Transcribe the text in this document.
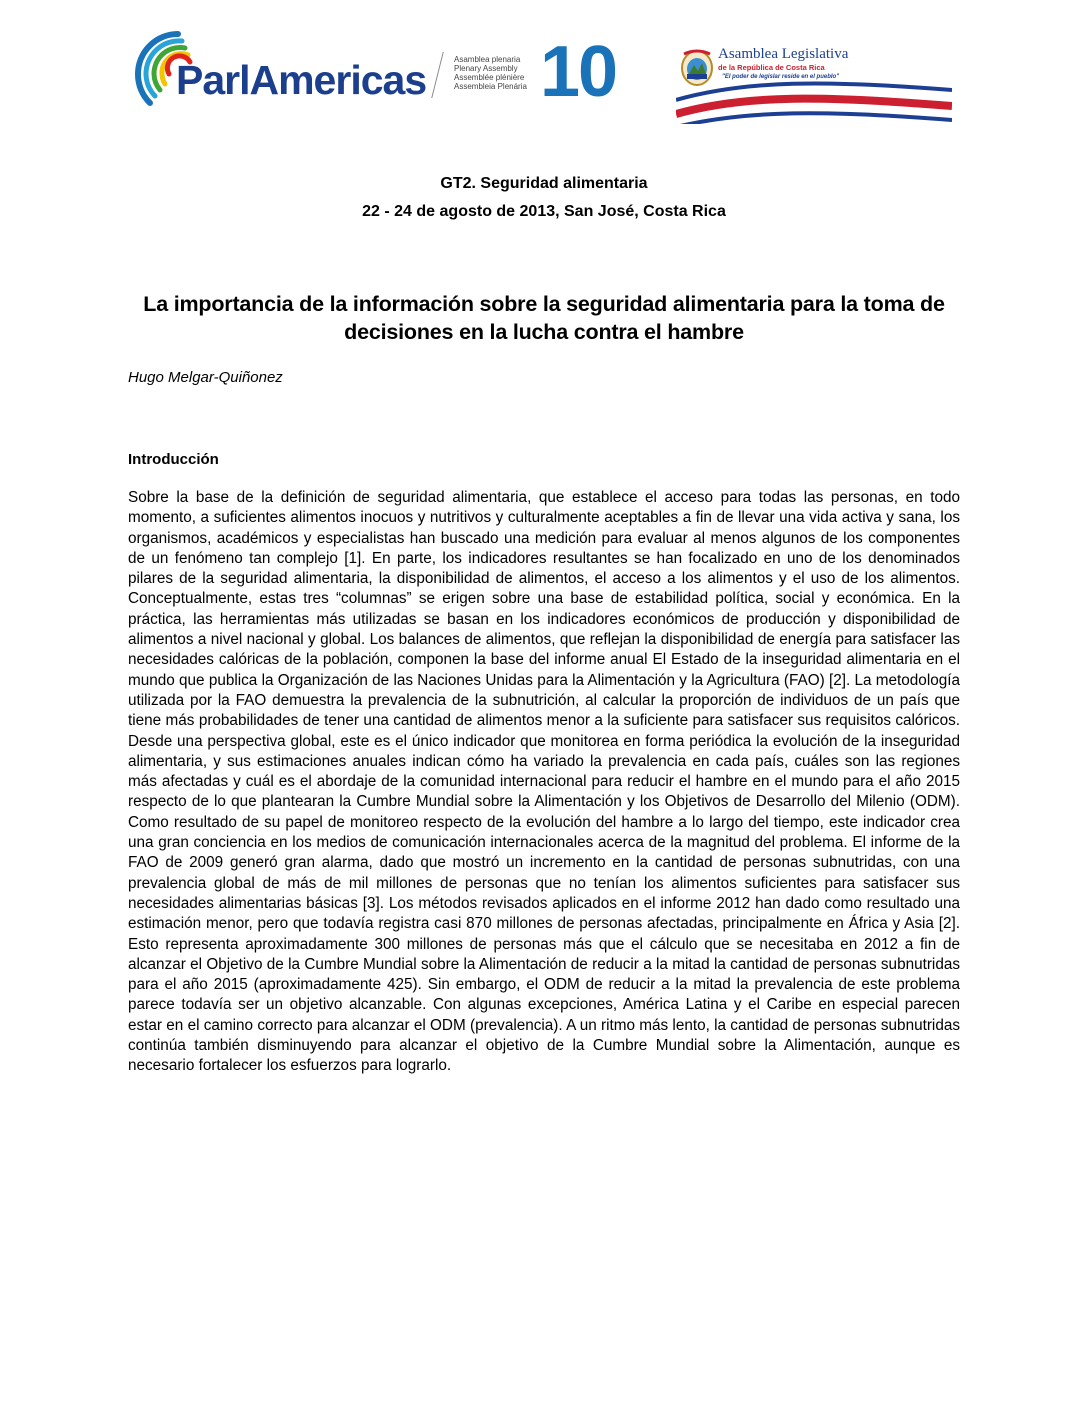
ParlAmericas	Asamblea plenaria
Plenary Assembly
Assemblée plénière
Assembleia Plenária 10	Asamblea Legislativa
de la República de Costa Rica
"El poder de legislar reside en el pueblo"
GT2. Seguridad alimentaria
22 - 24 de agosto de 2013, San José, Costa Rica
La importancia de la información sobre la seguridad alimentaria para la toma de decisiones en la lucha contra el hambre
Hugo Melgar-Quiñonez
Introducción
Sobre la base de la definición de seguridad alimentaria, que establece el acceso para todas las personas, en todo momento, a suficientes alimentos inocuos y nutritivos y culturalmente aceptables a fin de llevar una vida activa y sana, los organismos, académicos y especialistas han buscado una medición para evaluar al menos algunos de los componentes de un fenómeno tan complejo [1]. En parte, los indicadores resultantes se han focalizado en uno de los denominados pilares de la seguridad alimentaria, la disponibilidad de alimentos, el acceso a los alimentos y el uso de los alimentos. Conceptualmente, estas tres “columnas” se erigen sobre una base de estabilidad política, social y económica. En la práctica, las herramientas más utilizadas se basan en los indicadores económicos de producción y disponibilidad de alimentos a nivel nacional y global. Los balances de alimentos, que reflejan la disponibilidad de energía para satisfacer las necesidades calóricas de la población, componen la base del informe anual El Estado de la inseguridad alimentaria en el mundo que publica la Organización de las Naciones Unidas para la Alimentación y la Agricultura (FAO) [2]. La metodología utilizada por la FAO demuestra la prevalencia de la subnutrición, al calcular la proporción de individuos de un país que tiene más probabilidades de tener una cantidad de alimentos menor a la suficiente para satisfacer sus requisitos calóricos. Desde una perspectiva global, este es el único indicador que monitorea en forma periódica la evolución de la inseguridad alimentaria, y sus estimaciones anuales indican cómo ha variado la prevalencia en cada país, cuáles son las regiones más afectadas y cuál es el abordaje de la comunidad internacional para reducir el hambre en el mundo para el año 2015 respecto de lo que plantearan la Cumbre Mundial sobre la Alimentación y los Objetivos de Desarrollo del Milenio (ODM). Como resultado de su papel de monitoreo respecto de la evolución del hambre a lo largo del tiempo, este indicador crea una gran conciencia en los medios de comunicación internacionales acerca de la magnitud del problema. El informe de la FAO de 2009 generó gran alarma, dado que mostró un incremento en la cantidad de personas subnutridas, con una prevalencia global de más de mil millones de personas que no tenían los alimentos suficientes para satisfacer sus necesidades alimentarias básicas [3]. Los métodos revisados aplicados en el informe 2012 han dado como resultado una estimación menor, pero que todavía registra casi 870 millones de personas afectadas, principalmente en África y Asia [2]. Esto representa aproximadamente 300 millones de personas más que el cálculo que se necesitaba en 2012 a fin de alcanzar el Objetivo de la Cumbre Mundial sobre la Alimentación de reducir a la mitad la cantidad de personas subnutridas para el año 2015 (aproximadamente 425). Sin embargo, el ODM de reducir a la mitad la prevalencia de este problema parece todavía ser un objetivo alcanzable. Con algunas excepciones, América Latina y el Caribe en especial parecen estar en el camino correcto para alcanzar el ODM (prevalencia). A un ritmo más lento, la cantidad de personas subnutridas continúa también disminuyendo para alcanzar el objetivo de la Cumbre Mundial sobre la Alimentación, aunque es necesario fortalecer los esfuerzos para lograrlo.
